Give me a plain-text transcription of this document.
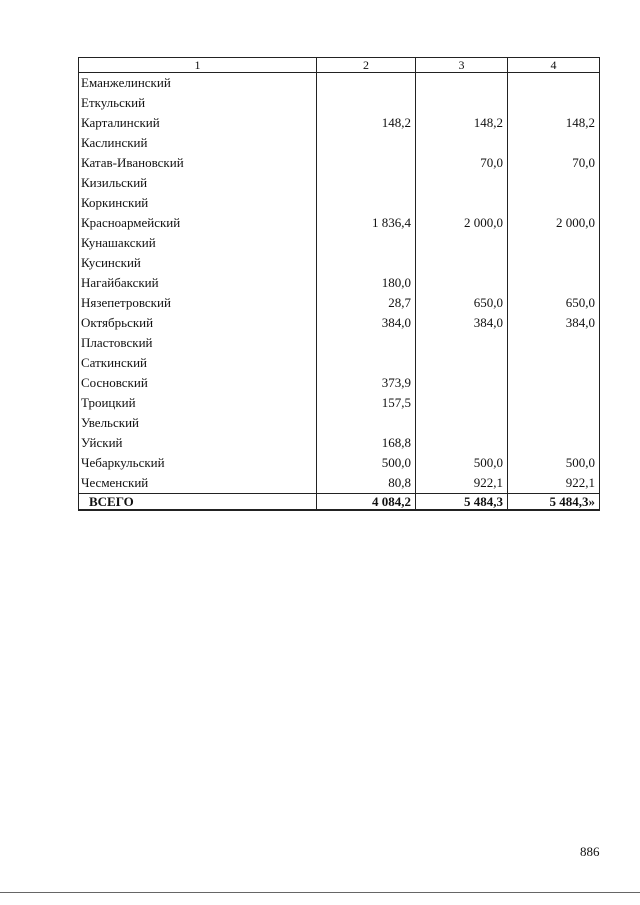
1	2	3	4
Еманжелинский			
Еткульский			
Карталинский	148,2	148,2	148,2
Каслинский			
Катав-Ивановский		70,0	70,0
Кизильский			
Коркинский			
Красноармейский	1 836,4	2 000,0	2 000,0
Кунашакский			
Кусинский			
Нагайбакский	180,0		
Нязепетровский	28,7	650,0	650,0
Октябрьский	384,0	384,0	384,0
Пластовский			
Саткинский			
Сосновский	373,9		
Троицкий	157,5		
Увельский			
Уйский	168,8		
Чебаркульский	500,0	500,0	500,0
Чесменский	80,8	922,1	922,1
ВСЕГО	4 084,2	5 484,3	5 484,3»
886
